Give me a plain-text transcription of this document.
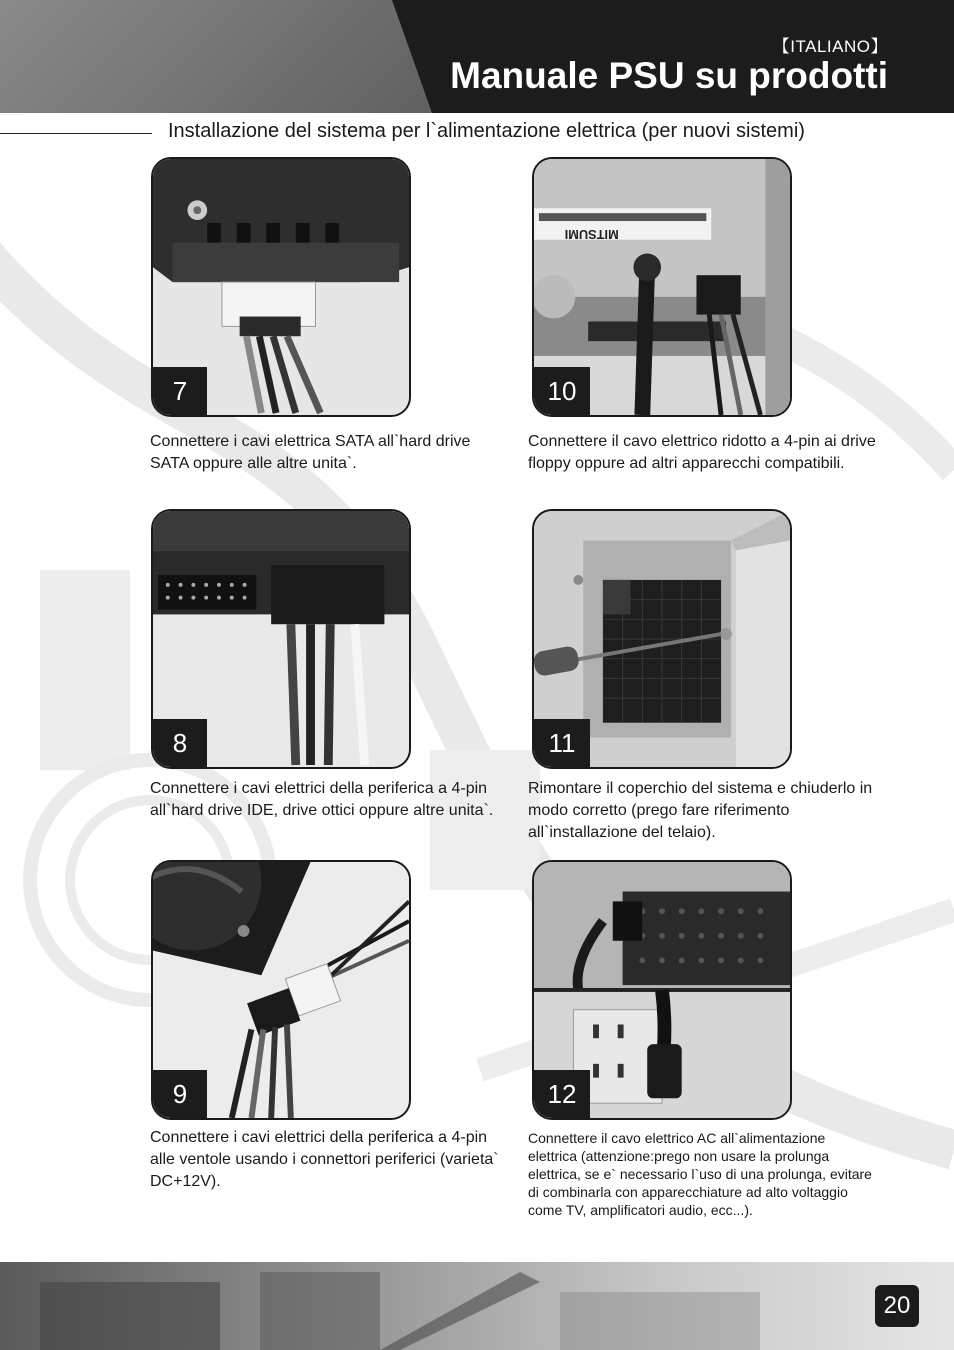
【ITALIANO】
Manuale PSU su prodotti
Installazione del sistema per l`alimentazione elettrica (per nuovi sistemi)
7

Connettere i cavi elettrica SATA all`hard drive SATA oppure alle altre unita`.

MITSUMI
10

Connettere il cavo elettrico ridotto a 4-pin ai drive floppy oppure ad altri apparecchi compatibili.

8

Connettere i cavi elettrici della periferica a 4-pin all`hard drive IDE, drive ottici oppure altre unita`.

11

Rimontare il coperchio del sistema e chiuderlo in modo corretto (prego fare riferimento all`installazione del telaio).

9

Connettere i cavi elettrici della periferica a 4-pin alle ventole usando i connettori periferici (varieta` DC+12V).

12

Connettere il cavo elettrico AC all`alimentazione elettrica (attenzione:prego non usare la prolunga elettrica, se e` necessario l`uso di una prolunga, evitare di combinarla con apparecchiature ad alto voltaggio come TV, amplificatori audio, ecc...).

20
